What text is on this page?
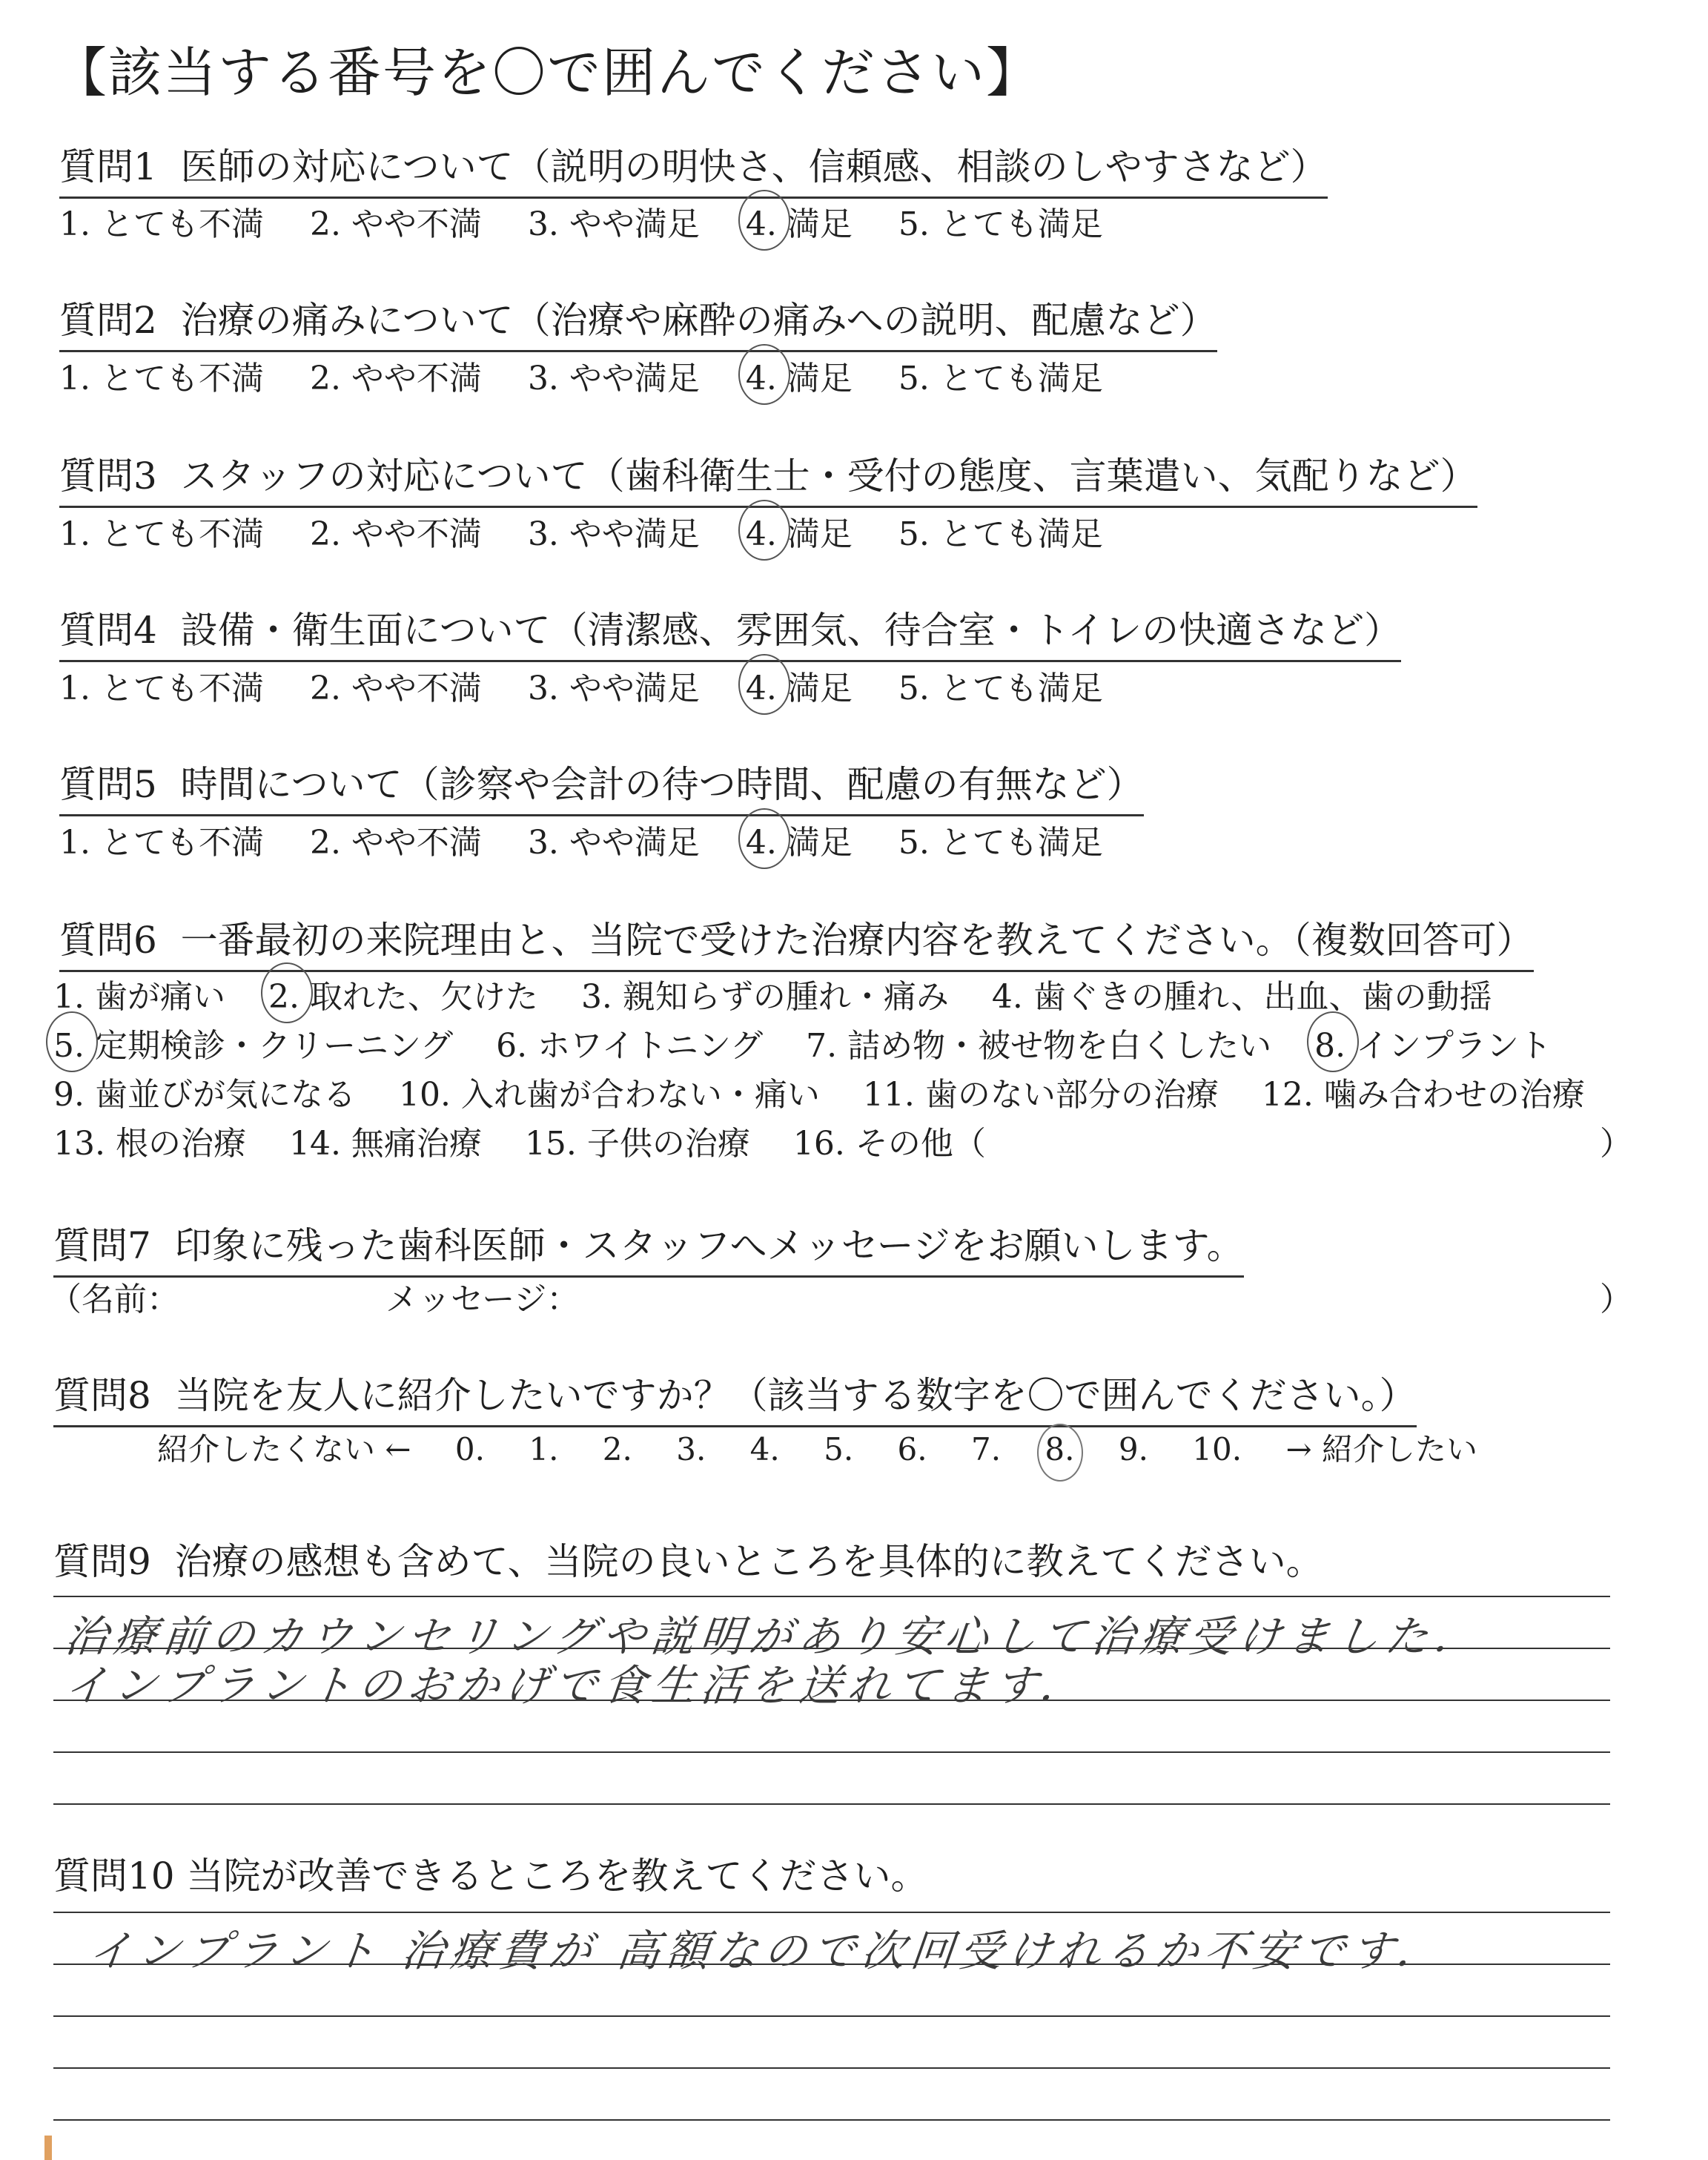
【該当する番号を〇で囲んでください】
質問1 医師の対応について（説明の明快さ、信頼感、相談のしやすさなど）
1. とても不満 2. やや不満 3. やや満足 4. 満足 5. とても満足
質問2 治療の痛みについて（治療や麻酔の痛みへの説明、配慮など）
1. とても不満 2. やや不満 3. やや満足 4. 満足 5. とても満足
質問3 スタッフの対応について（歯科衛生士・受付の態度、言葉遣い、気配りなど）
1. とても不満 2. やや不満 3. やや満足 4. 満足 5. とても満足
質問4 設備・衛生面について（清潔感、雰囲気、待合室・トイレの快適さなど）
1. とても不満 2. やや不満 3. やや満足 4. 満足 5. とても満足
質問5 時間について（診察や会計の待つ時間、配慮の有無など）
1. とても不満 2. やや不満 3. やや満足 4. 満足 5. とても満足
質問6 一番最初の来院理由と、当院で受けた治療内容を教えてください。（複数回答可）
1. 歯が痛い 2. 取れた、欠けた 3. 親知らずの腫れ・痛み 4. 歯ぐきの腫れ、出血、歯の動揺
5. 定期検診・クリーニング 6. ホワイトニング 7. 詰め物・被せ物を白くしたい 8. インプラント
9. 歯並びが気になる 10. 入れ歯が合わない・痛い 11. 歯のない部分の治療 12. 噛み合わせの治療
13. 根の治療 14. 無痛治療 15. 子供の治療 16. その他（	）
質問7 印象に残った歯科医師・スタッフへメッセージをお願いします。
（名前：	メッセージ：	）
質問8 当院を友人に紹介したいですか？（該当する数字を〇で囲んでください。）
紹介したくない ← 0. 1. 2. 3. 4. 5. 6. 7. 8. 9. 10. → 紹介したい
質問9 治療の感想も含めて、当院の良いところを具体的に教えてください。
治療前のカウンセリングや説明があり安心して治療受けました．
インプラントのおかげで食生活を送れてます．
質問10 当院が改善できるところを教えてください。
インプラント 治療費が 高額なので次回受けれるか不安です．
